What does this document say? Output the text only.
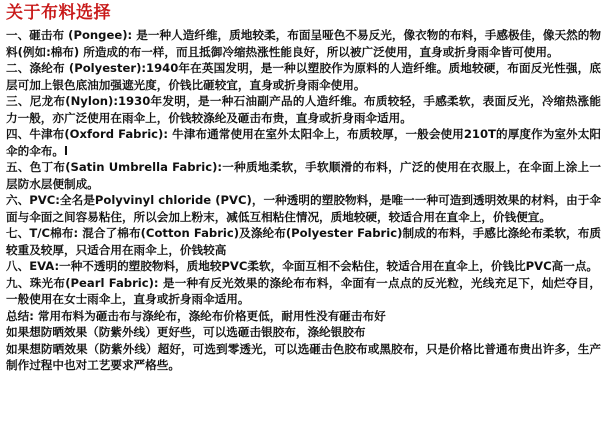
关于布料选择

一、砸击布 (Pongee): 是一种人造纤维，质地较柔，布面呈哑色不易反光，像衣物的布料，手感极佳，像天然的物料(例如:棉布) 所造成的布一样，而且抵御冷缩热涨性能良好，所以被广泛使用，直身或折身雨伞皆可使用。

二、涤纶布 (Polyester):1940年在英国发明，是一种以塑胶作为原料的人造纤维。质地较硬，布面反光性强，底层可加上银色底油加强遮光度，价钱比砸较宜，直身或折身雨伞使用。

三、尼龙布(Nylon):1930年发明，是一种石油副产品的人造纤维。布质较轻，手感柔软，表面反光，冷缩热涨能力一般，亦广泛使用在雨伞上，价钱较涤纶及砸击布贵，直身或折身雨伞适用。

四、牛津布(Oxford Fabric): 牛津布通常使用在室外太阳伞上，布质较厚，一般会使用210T的厚度作为室外太阳伞的伞布。l

五、色丁布(Satin Umbrella Fabric):一种质地柔软，手软顺滑的布料，广泛的使用在衣服上，在伞面上涂上一层防水层便制成。

六、PVC:全名是Polyvinyl chloride (PVC)，一种透明的塑胶物料，是唯一一种可造到透明效果的材料，由于伞面与伞面之间容易粘住，所以会加上粉末，减低互相粘住情况，质地较硬，较适合用在直伞上，价钱便宜。

七、T/C棉布: 混合了棉布(Cotton Fabric)及涤纶布(Polyester Fabric)制成的布料，手感比涤纶布柔软，布质较重及较厚，只适合用在雨伞上，价钱较高

八、EVA:一种不透明的塑胶物料，质地较PVC柔软，伞面互相不会粘住，较适合用在直伞上，价钱比PVC高一点。

九、珠光布(Pearl Fabric): 是一种有反光效果的涤纶布布料，伞面有一点点的反光粒，光线充足下，灿烂夺目，一般使用在女士雨伞上，直身或折身雨伞适用。

总结: 常用布料为砸击布与涤纶布，涤纶布价格更低，耐用性没有砸击布好

如果想防晒效果（防紫外线）更好些，可以选砸击银胶布，涤纶银胶布

如果想防晒效果（防紫外线）超好，可选到零透光，可以选砸击色胶布或黑胶布，只是价格比普通布贵出许多，生产制作过程中也对工艺要求严格些。
